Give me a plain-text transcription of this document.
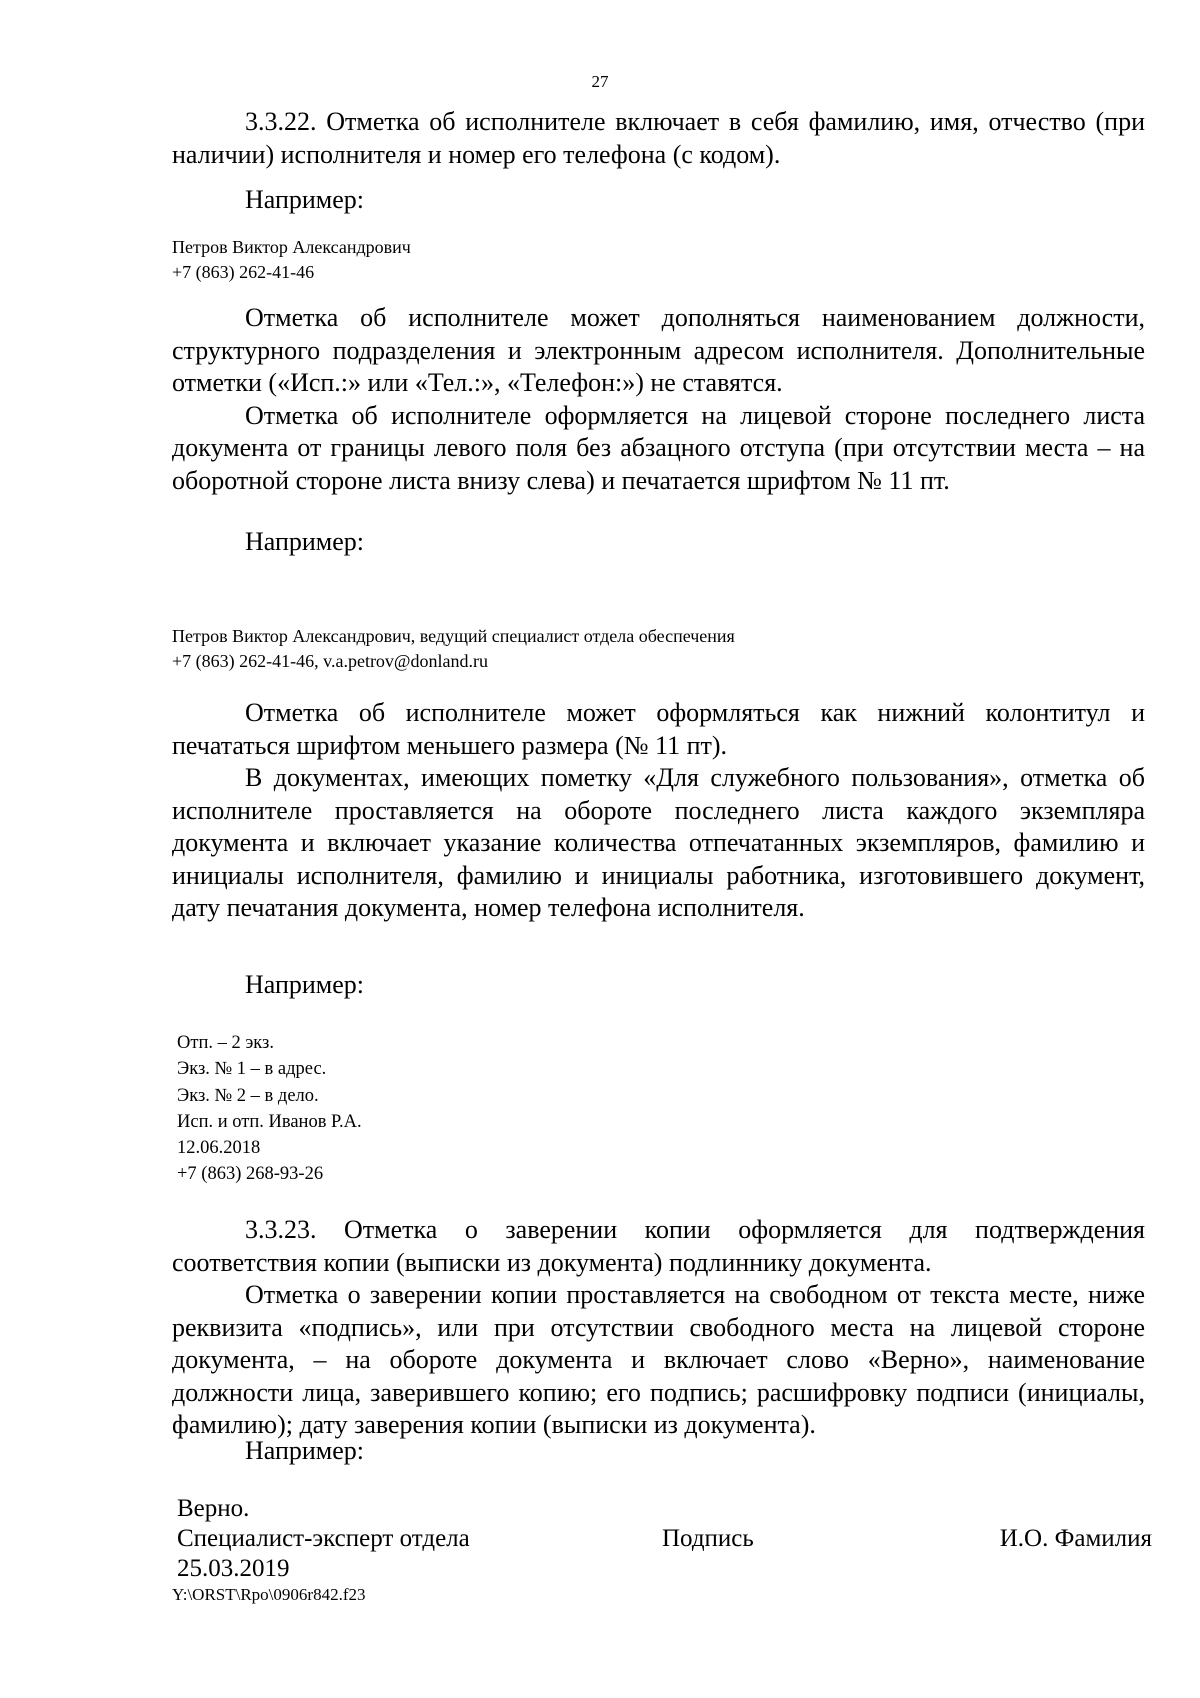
27

3.3.22. Отметка об исполнителе включает в себя фамилию, имя, отчество (при наличии) исполнителя и номер его телефона (с кодом).

Например:
Петров Виктор Александрович
+7 (863) 262-41-46

Отметка об исполнителе может дополняться наименованием должности, структурного подразделения и электронным адресом исполнителя. Дополнительные отметки («Исп.:» или «Тел.:», «Телефон:») не ставятся.

Отметка об исполнителе оформляется на лицевой стороне последнего листа документа от границы левого поля без абзацного отступа (при отсутствии места – на оборотной стороне листа внизу слева) и печатается шрифтом № 11 пт.

Например:
Петров Виктор Александрович, ведущий специалист отдела обеспечения
+7 (863) 262-41-46, v.a.petrov@donland.ru

Отметка об исполнителе может оформляться как нижний колонтитул и печататься шрифтом меньшего размера (№ 11 пт).

В документах, имеющих пометку «Для служебного пользования», отметка об исполнителе проставляется на обороте последнего листа каждого экземпляра документа и включает указание количества отпечатанных экземпляров, фамилию и инициалы исполнителя, фамилию и инициалы работника, изготовившего документ, дату печатания документа, номер телефона исполнителя.

Например:
Отп. – 2 экз.
Экз. № 1 – в адрес.
Экз. № 2 – в дело.
Исп. и отп. Иванов Р.А.
12.06.2018
+7 (863) 268-93-26

3.3.23. Отметка о заверении копии оформляется для подтверждения соответствия копии (выписки из документа) подлиннику документа.

Отметка о заверении копии проставляется на свободном от текста месте, ниже реквизита «подпись», или при отсутствии свободного места на лицевой стороне документа, – на обороте документа и включает слово «Верно», наименование должности лица, заверившего копию; его подпись; расшифровку подписи (инициалы, фамилию); дату заверения копии (выписки из документа).

Например:
Верно.
Специалист-эксперт отдела	Подпись	И.О. Фамилия
25.03.2019
Y:\ORST\Rpo\0906r842.f23
